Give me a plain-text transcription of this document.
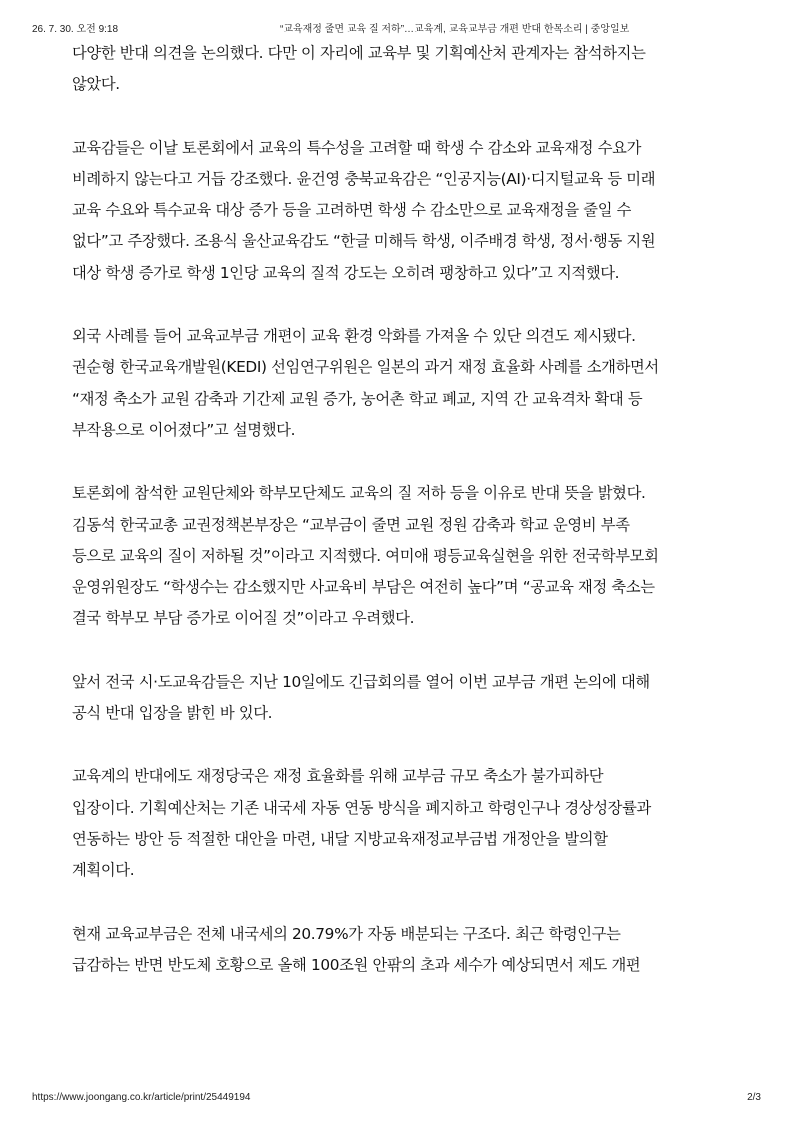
26. 7. 30. 오전 9:18	“교육재정 줄면 교육 질 저하”…교육계, 교육교부금 개편 반대 한목소리 | 중앙일보

다양한 반대 의견을 논의했다. 다만 이 자리에 교육부 및 기획예산처 관계자는 참석하지는
않았다.

교육감들은 이날 토론회에서 교육의 특수성을 고려할 때 학생 수 감소와 교육재정 수요가
비례하지 않는다고 거듭 강조했다. 윤건영 충북교육감은 “인공지능(AI)·디지털교육 등 미래
교육 수요와 특수교육 대상 증가 등을 고려하면 학생 수 감소만으로 교육재정을 줄일 수
없다”고 주장했다. 조용식 울산교육감도 “한글 미해득 학생, 이주배경 학생, 정서·행동 지원
대상 학생 증가로 학생 1인당 교육의 질적 강도는 오히려 팽창하고 있다”고 지적했다.

외국 사례를 들어 교육교부금 개편이 교육 환경 악화를 가져올 수 있단 의견도 제시됐다.
권순형 한국교육개발원(KEDI) 선임연구위원은 일본의 과거 재정 효율화 사례를 소개하면서
“재정 축소가 교원 감축과 기간제 교원 증가, 농어촌 학교 폐교, 지역 간 교육격차 확대 등
부작용으로 이어졌다”고 설명했다.

토론회에 참석한 교원단체와 학부모단체도 교육의 질 저하 등을 이유로 반대 뜻을 밝혔다.
김동석 한국교총 교권정책본부장은 “교부금이 줄면 교원 정원 감축과 학교 운영비 부족
등으로 교육의 질이 저하될 것”이라고 지적했다. 여미애 평등교육실현을 위한 전국학부모회
운영위원장도 “학생수는 감소했지만 사교육비 부담은 여전히 높다”며 “공교육 재정 축소는
결국 학부모 부담 증가로 이어질 것”이라고 우려했다.

앞서 전국 시·도교육감들은 지난 10일에도 긴급회의를 열어 이번 교부금 개편 논의에 대해
공식 반대 입장을 밝힌 바 있다.

교육계의 반대에도 재정당국은 재정 효율화를 위해 교부금 규모 축소가 불가피하단
입장이다. 기획예산처는 기존 내국세 자동 연동 방식을 폐지하고 학령인구나 경상성장률과
연동하는 방안 등 적절한 대안을 마련, 내달 지방교육재정교부금법 개정안을 발의할
계획이다.

현재 교육교부금은 전체 내국세의 20.79%가 자동 배분되는 구조다. 최근 학령인구는
급감하는 반면 반도체 호황으로 올해 100조원 안팎의 초과 세수가 예상되면서 제도 개편

https://www.joongang.co.kr/article/print/25449194	2/3
